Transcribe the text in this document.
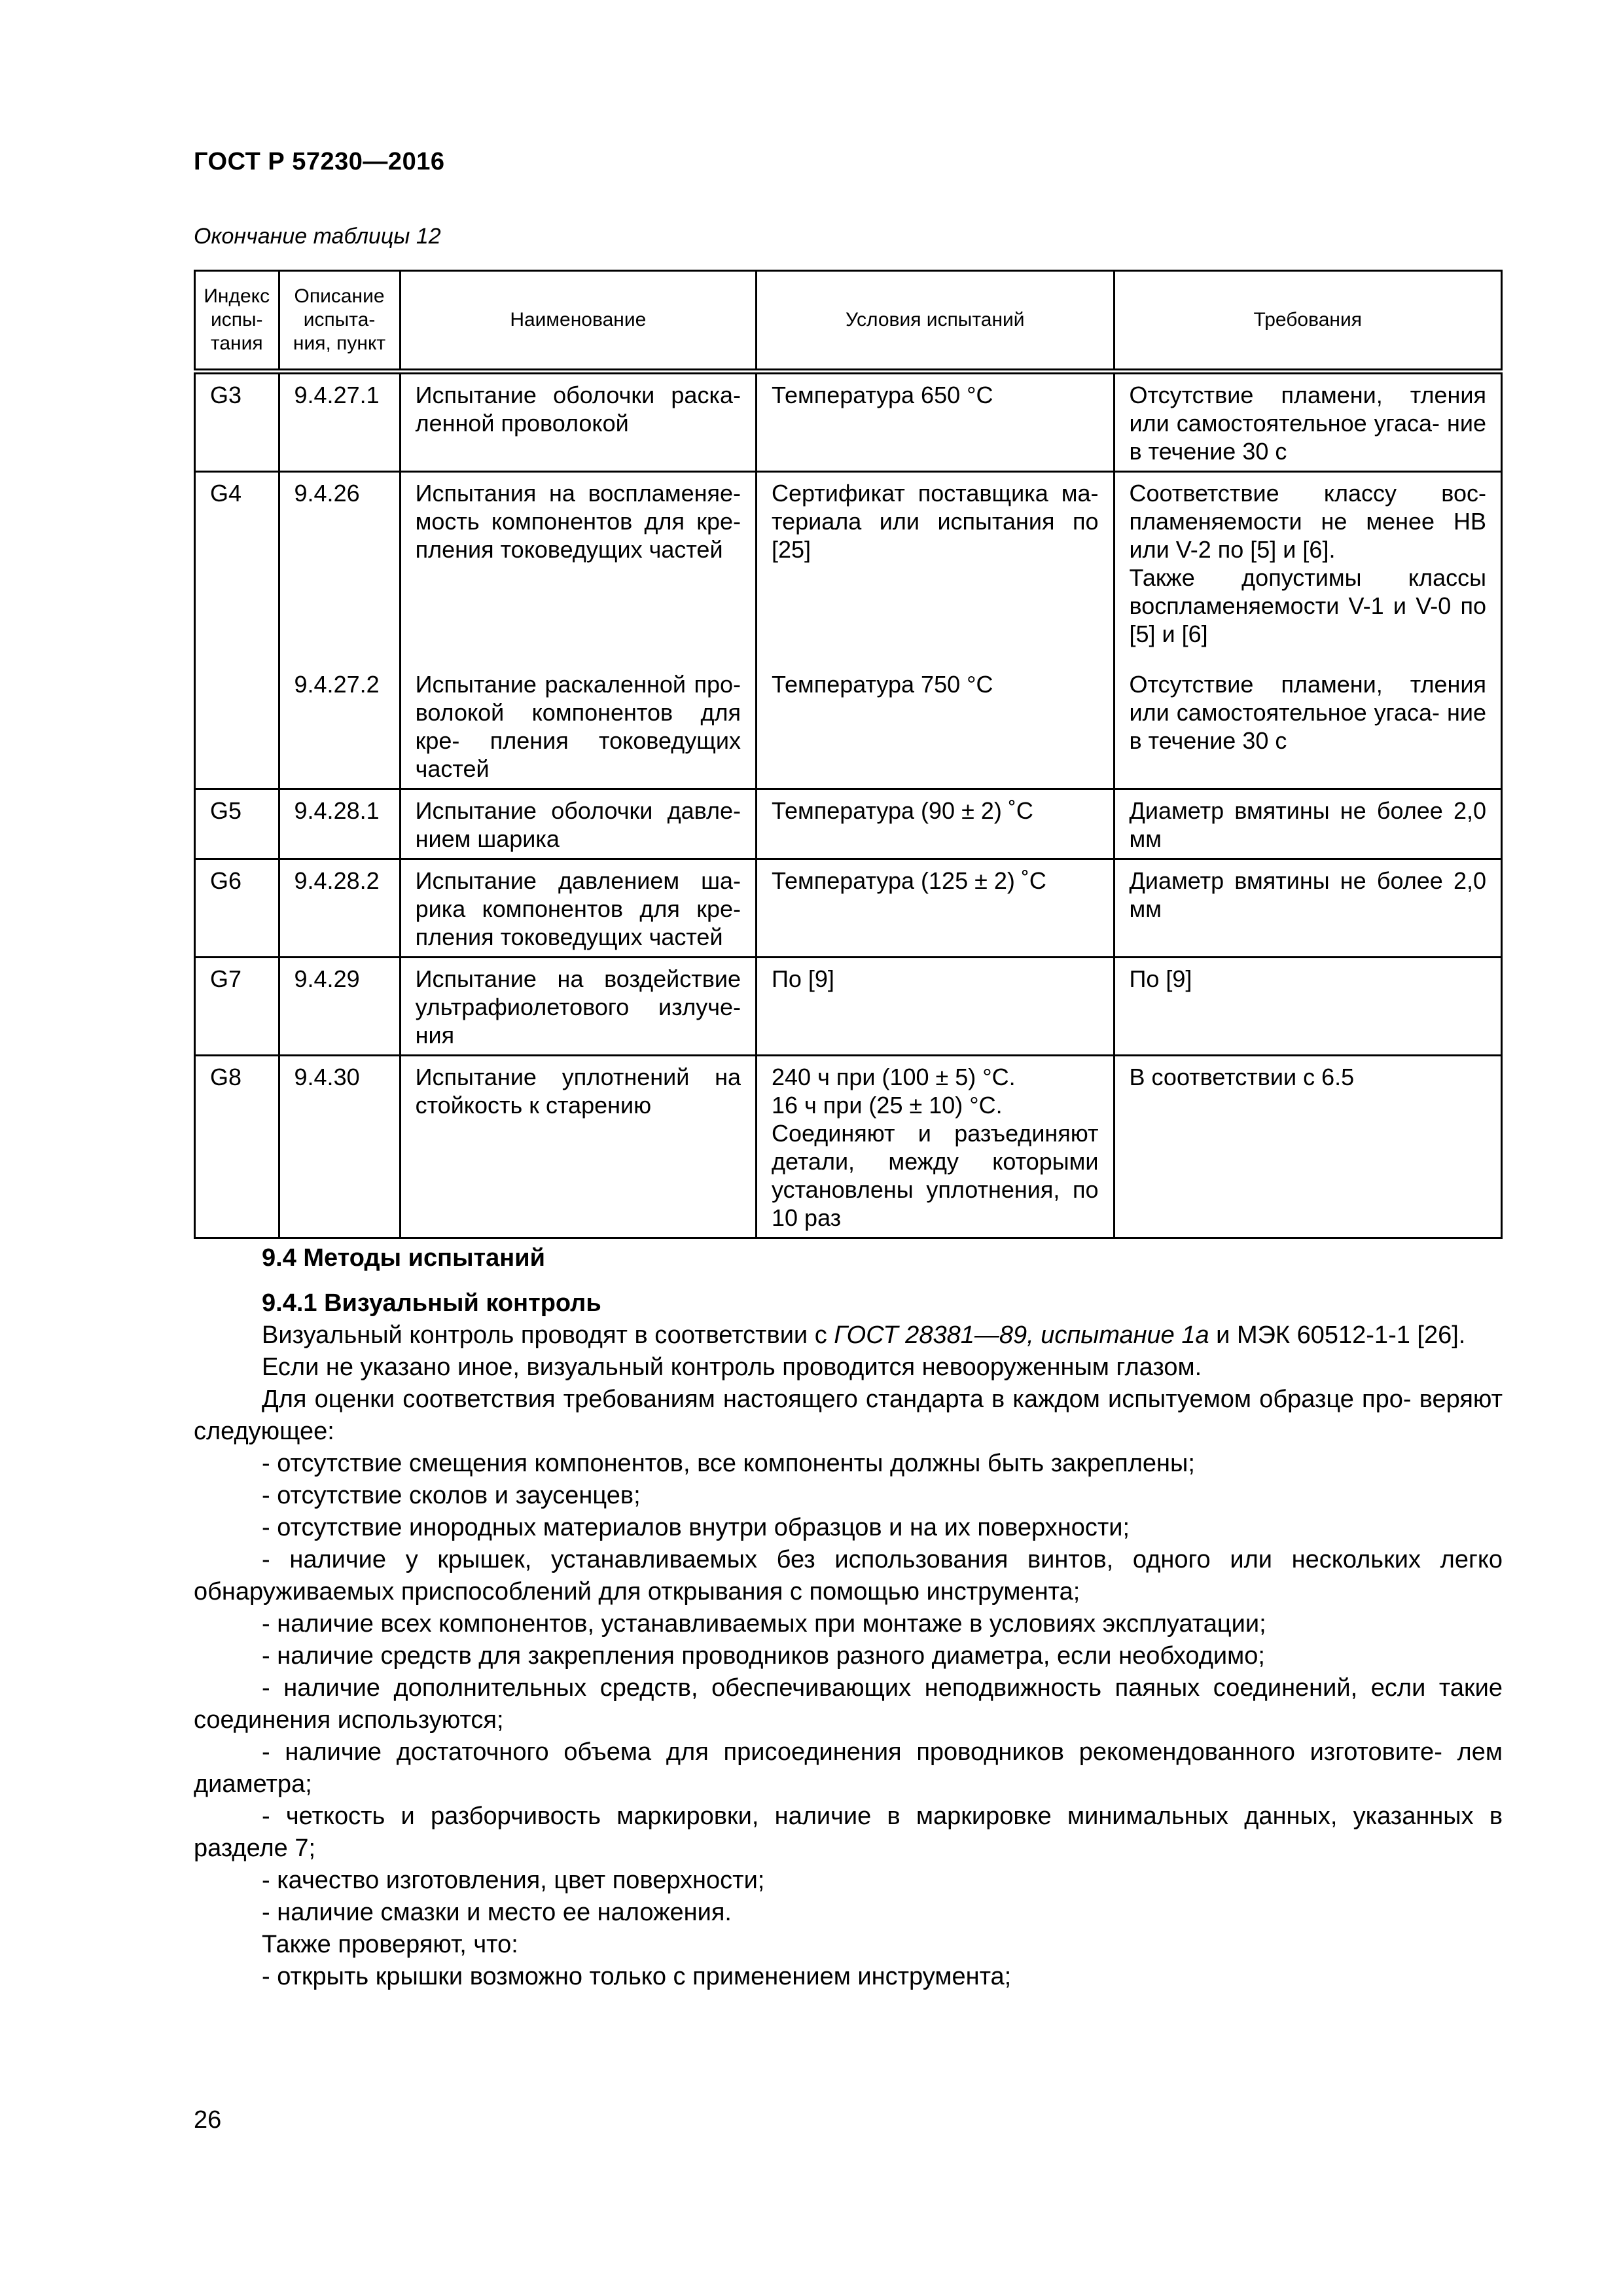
ГОСТ Р 57230—2016
Окончание таблицы 12
Индекс испы- тания	Описание испыта- ния, пункт	Наименование	Условия испытаний	Требования
G3	9.4.27.1	Испытание оболочки раска- ленной проволокой	Температура 650 °С	Отсутствие пламени, тления или самостоятельное угаса- ние в течение 30 с
G4	9.4.26	Испытания на воспламеняе- мость компонентов для кре- пления токоведущих частей	Сертификат поставщика ма- териала или испытания по [25]	Соответствие классу вос- пламеняемости не менее НВ или V-2 по [5] и [6].
Также допустимы классы воспламеняемости V-1 и V-0 по [5] и [6]

	9.4.27.2	Испытание раскаленной про- волокой компонентов для кре- пления токоведущих частей	Температура 750 °С	Отсутствие пламени, тления или самостоятельное угаса- ние в течение 30 с
G5	9.4.28.1	Испытание оболочки давле- нием шарика	Температура (90 ± 2) ˚С	Диаметр вмятины не более 2,0 мм
G6	9.4.28.2	Испытание давлением ша- рика компонентов для кре- пления токоведущих частей	Температура (125 ± 2) ˚С	Диаметр вмятины не более 2,0 мм
G7	9.4.29	Испытание на воздействие ультрафиолетового излуче- ния	По [9]	По [9]
G8	9.4.30	Испытание уплотнений на стойкость к старению	240 ч при (100 ± 5) °С.
16 ч при (25 ± 10) °С.
Соединяют и разъединяют детали, между которыми установлены уплотнения, по 10 раз	В соответствии с 6.5
9.4 Методы испытаний
9.4.1 Визуальный контроль

Визуальный контроль проводят в соответствии с ГОСТ 28381—89, испытание 1а и МЭК 60512-1-1 [26].

Если не указано иное, визуальный контроль проводится невооруженным глазом.

Для оценки соответствия требованиям настоящего стандарта в каждом испытуемом образце про- веряют следующее:

- отсутствие смещения компонентов, все компоненты должны быть закреплены;

- отсутствие сколов и заусенцев;

- отсутствие инородных материалов внутри образцов и на их поверхности;

- наличие у крышек, устанавливаемых без использования винтов, одного или нескольких легко обнаруживаемых приспособлений для открывания с помощью инструмента;

- наличие всех компонентов, устанавливаемых при монтаже в условиях эксплуатации;

- наличие средств для закрепления проводников разного диаметра, если необходимо;

- наличие дополнительных средств, обеспечивающих неподвижность паяных соединений, если такие соединения используются;

- наличие достаточного объема для присоединения проводников рекомендованного изготовите- лем диаметра;

- четкость и разборчивость маркировки, наличие в маркировке минимальных данных, указанных в разделе 7;

- качество изготовления, цвет поверхности;

- наличие смазки и место ее наложения.

Также проверяют, что:

- открыть крышки возможно только с применением инструмента;

26
